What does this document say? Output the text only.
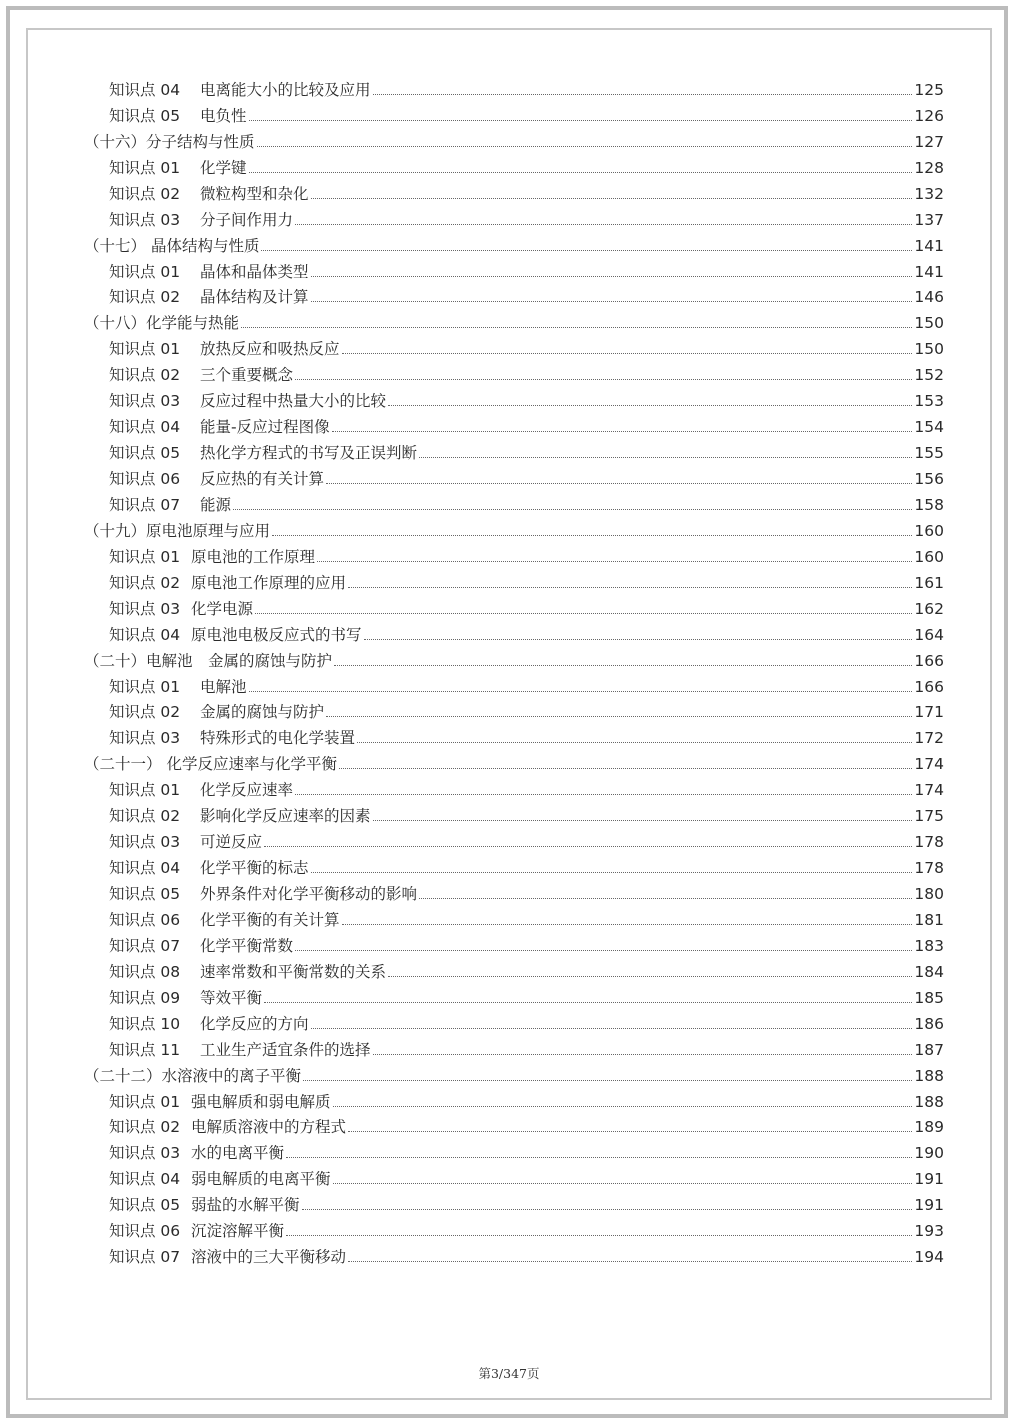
知识点 04	电离能大小的比较及应用	125
知识点 05	电负性	126
（十六） 分子结构与性质	127
知识点 01	化学键	128
知识点 02	微粒构型和杂化	132
知识点 03	分子间作用力	137
（十七） 晶体结构与性质	141
知识点 01	晶体和晶体类型	141
知识点 02	晶体结构及计算	146
（十八） 化学能与热能	150
知识点 01	放热反应和吸热反应	150
知识点 02	三个重要概念	152
知识点 03	反应过程中热量大小的比较	153
知识点 04	能量-反应过程图像	154
知识点 05	热化学方程式的书写及正误判断	155
知识点 06	反应热的有关计算	156
知识点 07	能源	158
（十九） 原电池原理与应用	160
知识点 01 原电池的工作原理	160
知识点 02 原电池工作原理的应用	161
知识点 03 化学电源	162
知识点 04 原电池电极反应式的书写	164
（二十） 电解池　金属的腐蚀与防护	166
知识点 01	电解池	166
知识点 02	金属的腐蚀与防护	171
知识点 03	特殊形式的电化学装置	172
（二十一） 化学反应速率与化学平衡	174
知识点 01	化学反应速率	174
知识点 02	影响化学反应速率的因素	175
知识点 03	可逆反应	178
知识点 04	化学平衡的标志	178
知识点 05	外界条件对化学平衡移动的影响	180
知识点 06	化学平衡的有关计算	181
知识点 07	化学平衡常数	183
知识点 08	速率常数和平衡常数的关系	184
知识点 09	等效平衡	185
知识点 10	化学反应的方向	186
知识点 11	工业生产适宜条件的选择	187
（二十二） 水溶液中的离子平衡	188
知识点 01 强电解质和弱电解质	188
知识点 02 电解质溶液中的方程式	189
知识点 03 水的电离平衡	190
知识点 04 弱电解质的电离平衡	191
知识点 05 弱盐的水解平衡	191
知识点 06 沉淀溶解平衡	193
知识点 07 溶液中的三大平衡移动	194
第3/347页
